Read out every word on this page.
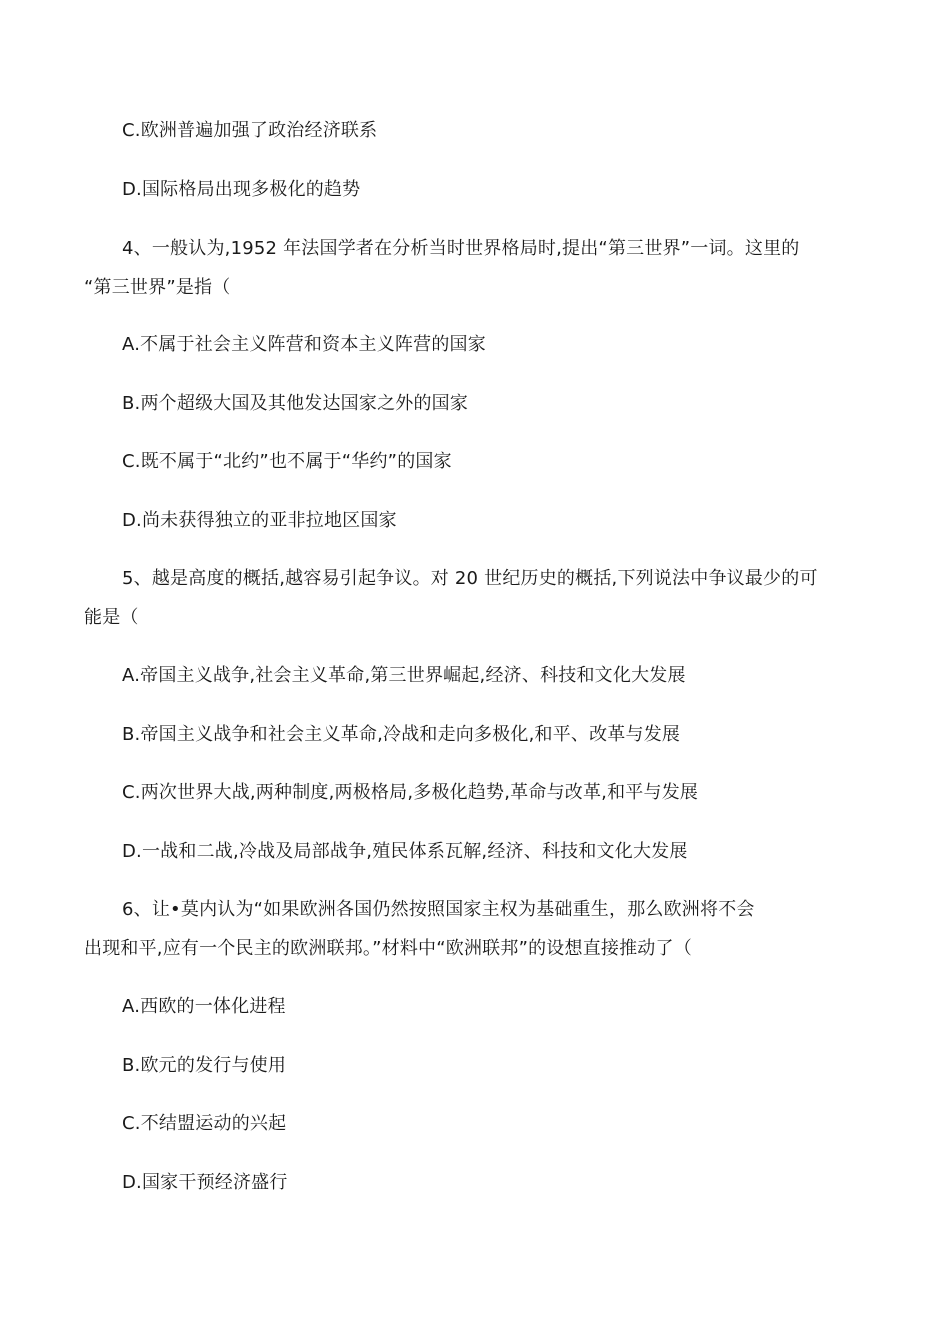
C.欧洲普遍加强了政治经济联系
D.国际格局出现多极化的趋势
4、一般认为,1952 年法国学者在分析当时世界格局时,提出“第三世界”一词。这里的
“第三世界”是指（
A.不属于社会主义阵营和资本主义阵营的国家
B.两个超级大国及其他发达国家之外的国家
C.既不属于“北约”也不属于“华约”的国家
D.尚未获得独立的亚非拉地区国家
5、越是高度的概括,越容易引起争议。对 20 世纪历史的概括,下列说法中争议最少的可
能是（
A.帝国主义战争,社会主义革命,第三世界崛起,经济、科技和文化大发展
B.帝国主义战争和社会主义革命,冷战和走向多极化,和平、改革与发展
C.两次世界大战,两种制度,两极格局,多极化趋势,革命与改革,和平与发展
D.一战和二战,冷战及局部战争,殖民体系瓦解,经济、科技和文化大发展
6、让•莫内认为“如果欧洲各国仍然按照国家主权为基础重生，那么欧洲将不会
出现和平,应有一个民主的欧洲联邦。”材料中“欧洲联邦”的设想直接推动了（
A.西欧的一体化进程
B.欧元的发行与使用
C.不结盟运动的兴起
D.国家干预经济盛行
